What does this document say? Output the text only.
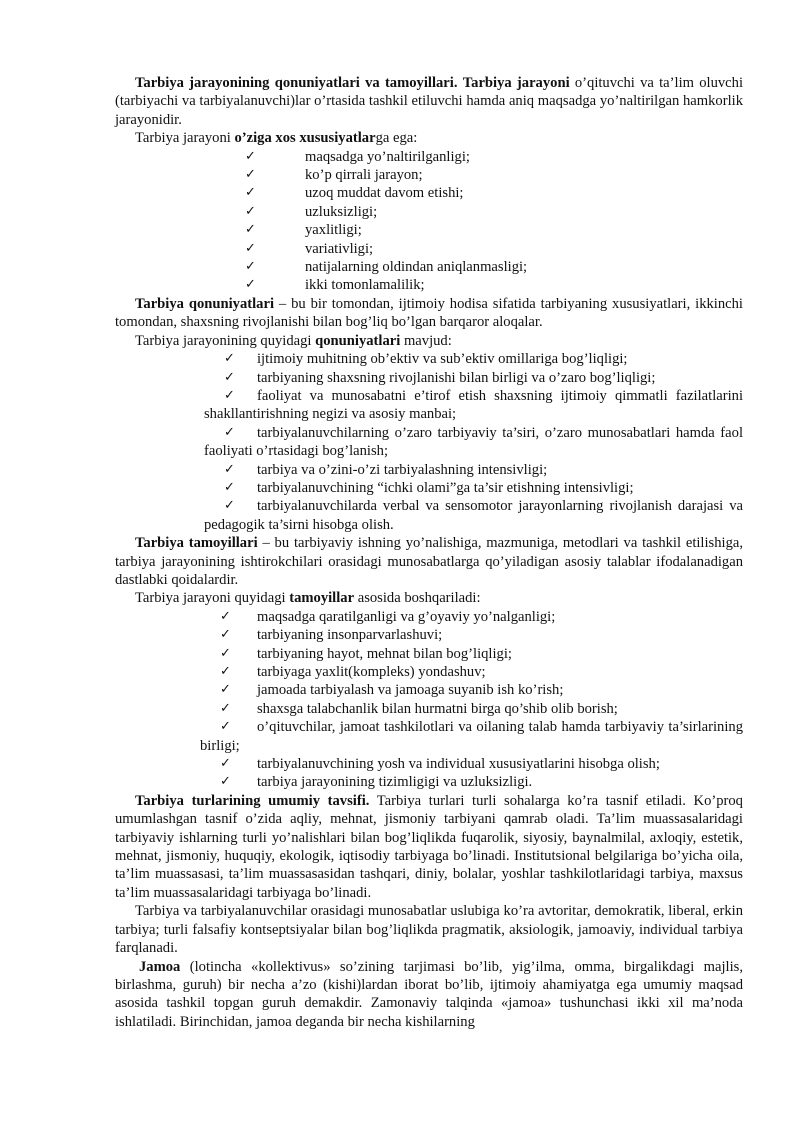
Tarbiya jarayonining qonuniyatlari va tamoyillari. Tarbiya jarayoni o’qituvchi va ta’lim oluvchi (tarbiyachi va tarbiyalanuvchi)lar o’rtasida tashkil etiluvchi hamda aniq maqsadga yo’naltirilgan hamkorlik jarayonidir.

Tarbiya jarayoni o’ziga xos xususiyatlarga ega:

✓	maqsadga yo’naltirilganligi;
✓	ko’p qirrali jarayon;
✓	uzoq muddat davom etishi;
✓	uzluksizligi;
✓	yaxlitligi;
✓	variativligi;
✓	natijalarning oldindan aniqlanmasligi;
✓	ikki tomonlamalilik;

Tarbiya qonuniyatlari – bu bir tomondan, ijtimoiy hodisa sifatida tarbiyaning xususiyatlari, ikkinchi tomondan, shaxsning rivojlanishi bilan bog’liq bo’lgan barqaror aloqalar.

Tarbiya jarayonining quyidagi qonuniyatlari mavjud:

✓ ijtimoiy muhitning ob’ektiv va sub’ektiv omillariga bog’liqligi;
✓ tarbiyaning shaxsning rivojlanishi bilan birligi va o’zaro bog’liqligi;
✓ faoliyat va munosabatni e’tirof etish shaxsning ijtimoiy qimmatli fazilatlarini shakllantirishning negizi va asosiy manbai;
✓ tarbiyalanuvchilarning o’zaro tarbiyaviy ta’siri, o’zaro munosabatlari hamda faol faoliyati o’rtasidagi bog’lanish;
✓ tarbiya va o’zini-o’zi tarbiyalashning intensivligi;
✓ tarbiyalanuvchining “ichki olami”ga ta’sir etishning intensivligi;
✓ tarbiyalanuvchilarda verbal va sensomotor jarayonlarning rivojlanish darajasi va pedagogik ta’sirni hisobga olish.

Tarbiya tamoyillari – bu tarbiyaviy ishning yo’nalishiga, mazmuniga, metodlari va tashkil etilishiga, tarbiya jarayonining ishtirokchilari orasidagi munosabatlarga qo’yiladigan asosiy talablar ifodalanadigan dastlabki qoidalardir.

Tarbiya jarayoni quyidagi tamoyillar asosida boshqariladi:

✓ maqsadga qaratilganligi va g’oyaviy yo’nalganligi;
✓ tarbiyaning insonparvarlashuvi;
✓ tarbiyaning hayot, mehnat bilan bog’liqligi;
✓ tarbiyaga yaxlit(kompleks) yondashuv;
✓ jamoada tarbiyalash va jamoaga suyanib ish ko’rish;
✓ shaxsga talabchanlik bilan hurmatni birga qo’shib olib borish;
✓ o’qituvchilar, jamoat tashkilotlari va oilaning talab hamda tarbiyaviy ta’sirlarining birligi;
✓ tarbiyalanuvchining yosh va individual xususiyatlarini hisobga olish;
✓ tarbiya jarayonining tizimligigi va uzluksizligi.

Tarbiya turlarining umumiy tavsifi. Tarbiya turlari turli sohalarga ko’ra tasnif etiladi. Ko’proq umumlashgan tasnif o’zida aqliy, mehnat, jismoniy tarbiyani qamrab oladi. Ta’lim muassasalaridagi tarbiyaviy ishlarning turli yo’nalishlari bilan bog’liqlikda fuqarolik, siyosiy, baynalmilal, axloqiy, estetik, mehnat, jismoniy, huquqiy, ekologik, iqtisodiy tarbiyaga bo’linadi. Institutsional belgilariga bo’yicha oila, ta’lim muassasasi, ta’lim muassasasidan tashqari, diniy, bolalar, yoshlar tashkilotlaridagi tarbiya, maxsus ta’lim muassasalaridagi tarbiyaga bo’linadi.

Tarbiya va tarbiyalanuvchilar orasidagi munosabatlar uslubiga ko’ra avtoritar, demokratik, liberal, erkin tarbiya; turli falsafiy kontseptsiyalar bilan bog’liqlikda pragmatik, aksiologik, jamoaviy, individual tarbiya farqlanadi.

Jamoa (lotincha «kollektivus» so’zining tarjimasi bo’lib, yig’ilma, omma, birgalikdagi majlis, birlashma, guruh) bir necha a’zo (kishi)lardan iborat bo’lib, ijtimoiy ahamiyatga ega umumiy maqsad asosida tashkil topgan guruh demakdir. Zamonaviy talqinda «jamoa» tushunchasi ikki xil ma’noda ishlatiladi. Birinchidan, jamoa deganda bir necha kishilarning
